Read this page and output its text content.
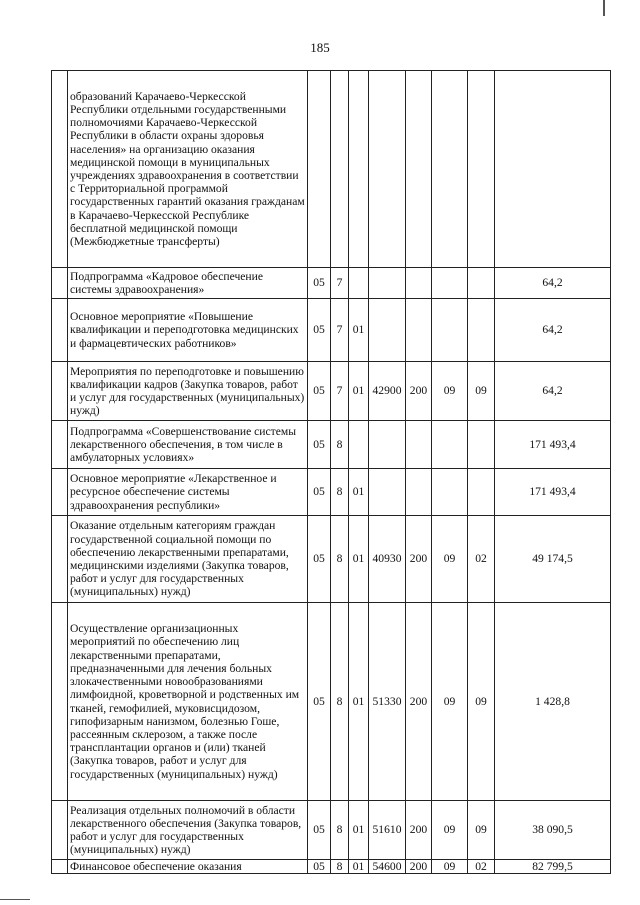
185
	образований Карачаево-Черкесской Республики отдельными государственными полномочиями Карачаево-Черкесской Республики в области охраны здоровья населения» на организацию оказания медицинской помощи в муниципальных учреждениях здравоохранения в соответствии с Территориальной программой государственных гарантий оказания гражданам в Карачаево-Черкесской Республике бесплатной медицинской помощи (Межбюджетные трансферты)								
	Подпрограмма «Кадровое обеспечение системы здравоохранения»	05	7						64,2
	Основное мероприятие «Повышение квалификации и переподготовка медицинских и фармацевтических работников»	05	7	01					64,2
	Мероприятия по переподготовке и повышению квалификации кадров (Закупка товаров, работ и услуг для государственных (муниципальных) нужд)	05	7	01	42900	200	09	09	64,2
	Подпрограмма «Совершенствование системы лекарственного обеспечения, в том числе в амбулаторных условиях»	05	8						171 493,4
	Основное мероприятие «Лекарственное и ресурсное обеспечение системы здравоохранения республики»	05	8	01					171 493,4
	Оказание отдельным категориям граждан государственной социальной помощи по обеспечению лекарственными препаратами, медицинскими изделиями (Закупка товаров, работ и услуг для государственных (муниципальных) нужд)	05	8	01	40930	200	09	02	49 174,5
	Осуществление организационных мероприятий по обеспечению лиц лекарственными препаратами, предназначенными для лечения больных злокачественными новообразованиями лимфоидной, кроветворной и родственных им тканей, гемофилией, муковисцидозом, гипофизарным нанизмом, болезнью Гоше, рассеянным склерозом, а также после трансплантации органов и (или) тканей (Закупка товаров, работ и услуг для государственных (муниципальных) нужд)	05	8	01	51330	200	09	09	1 428,8
	Реализация отдельных полномочий в области лекарственного обеспечения (Закупка товаров, работ и услуг для государственных (муниципальных) нужд)	05	8	01	51610	200	09	09	38 090,5
	Финансовое обеспечение оказания	05	8	01	54600	200	09	02	82 799,5
